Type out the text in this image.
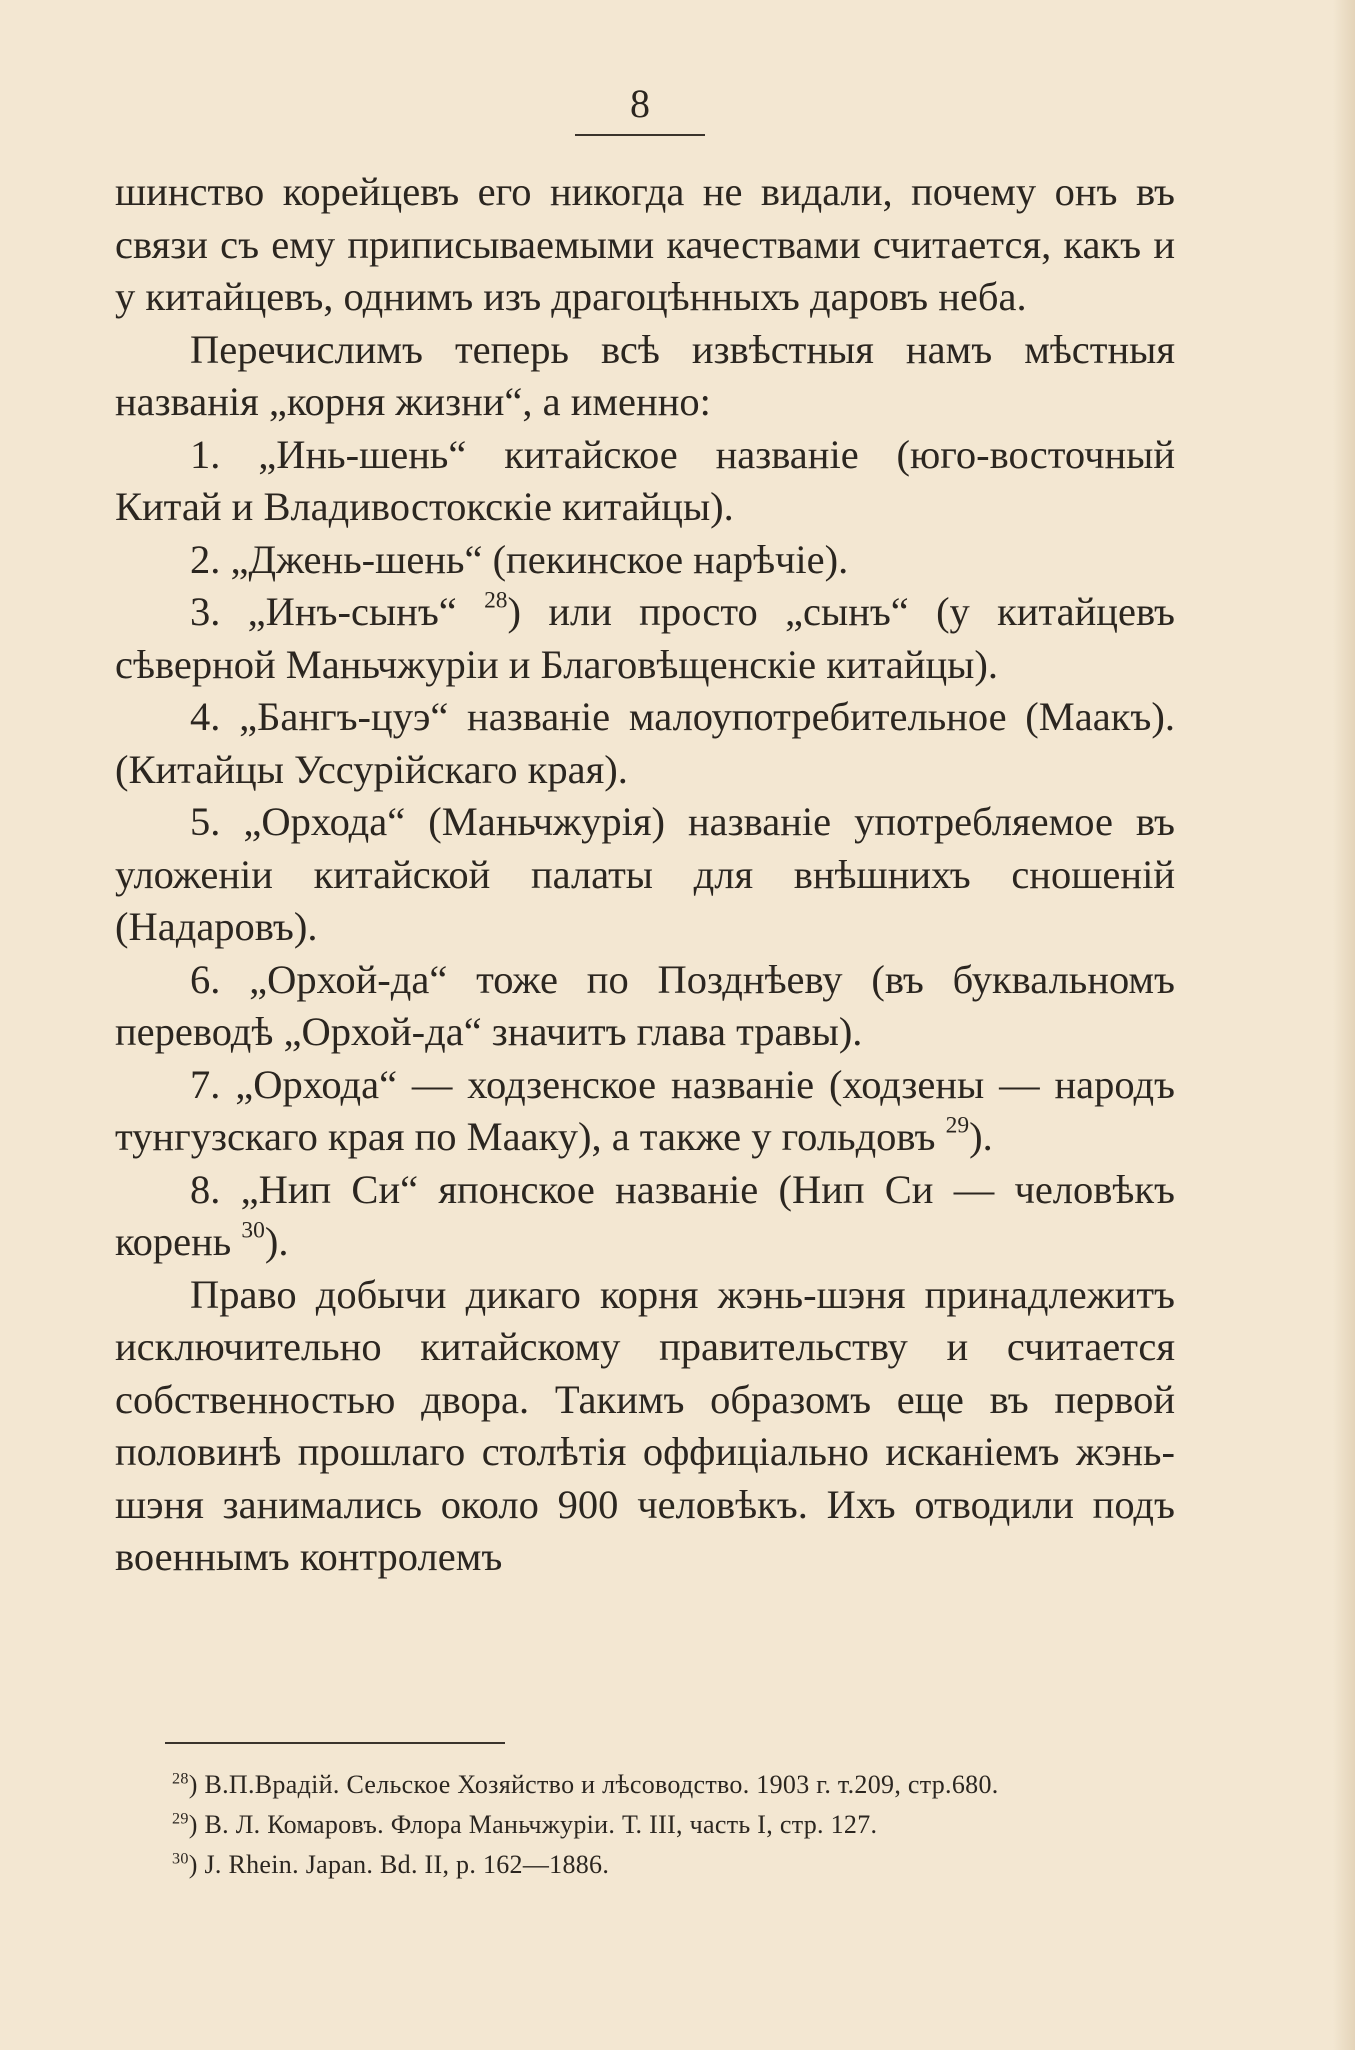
8

шинство корейцевъ его никогда не видали, почему онъ въ связи съ ему приписываемыми качествами считается, какъ и у китайцевъ, однимъ изъ драгоцѣнныхъ даровъ неба.

Перечислимъ теперь всѣ извѣстныя намъ мѣстныя названія „корня жизни“, а именно:

1. „Инь-шень“ китайское названіе (юго-восточный Китай и Владивостокскіе китайцы).

2. „Джень-шень“ (пекинское нарѣчіе).

3. „Инъ-сынъ“ $^{28}$) или просто „сынъ“ (у китайцевъ сѣверной Маньчжуріи и Благовѣщенскіе китайцы).

4. „Бангъ-цуэ“ названіе малоупотребительное (Маакъ). (Китайцы Уссурійскаго края).

5. „Орхода“ (Маньчжурія) названіе употребляемое въ уложеніи китайской палаты для внѣшнихъ сношеній (Надаровъ).

6. „Орхой-да“ тоже по Позднѣеву (въ буквальномъ переводѣ „Орхой-да“ значитъ глава травы).

7. „Орхода“ — ходзенское названіе (ходзены — народъ тунгузскаго края по Мааку), а также у гольдовъ $^{29}$).

8. „Нип Си“ японское названіе (Нип Си — человѣкъ корень $^{30}$).

Право добычи дикаго корня жэнь-шэня принадлежитъ исключительно китайскому правительству и считается собственностью двора. Такимъ образомъ еще въ первой половинѣ прошлаго столѣтія оффиціально исканіемъ жэнь-шэня занимались около 900 человѣкъ. Ихъ отводили подъ военнымъ контролемъ

$^{28}$) В.П.Врадій. Сельское Хозяйство и лѣсоводство. 1903 г. т.209, стр.680.
$^{29}$) В. Л. Комаровъ. Флора Маньчжуріи. Т. III, часть I, стр. 127.
$^{30}$) J. Rhein. Japan. Bd. II, p. 162—1886.
